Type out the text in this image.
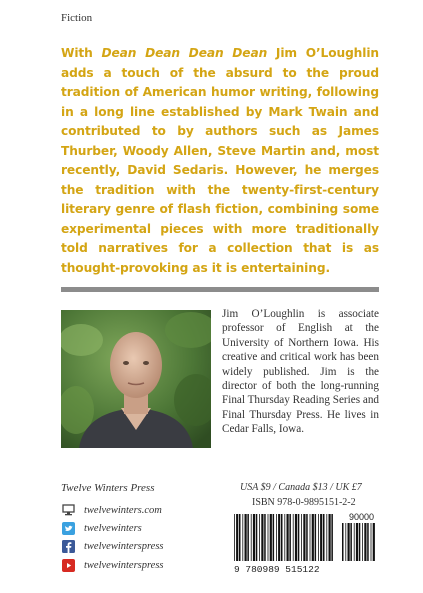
Fiction
With Dean Dean Dean Dean Jim O’Loughlin adds a touch of the absurd to the proud tradition of American humor writing, following in a long line established by Mark Twain and contributed to by authors such as James Thurber, Woody Allen, Steve Martin and, most recently, David Sedaris. However, he merges the tradition with the twenty-first-century literary genre of flash fiction, combining some experimental pieces with more traditionally told narratives for a collection that is as thought-provoking as it is entertaining.
Jim O’Loughlin is associate professor of English at the University of Northern Iowa. His creative and critical work has been widely published. Jim is the director of both the long-running Final Thursday Reading Series and Final Thursday Press. He lives in Cedar Falls, Iowa.
Twelve Winters Press
twelvewinters.com
twelvewinters
twelvewinterspress
twelvewinterspress
USA $9 / Canada $13 / UK £7
ISBN 978-0-9895151-2-2
90000
9 780989 515122
